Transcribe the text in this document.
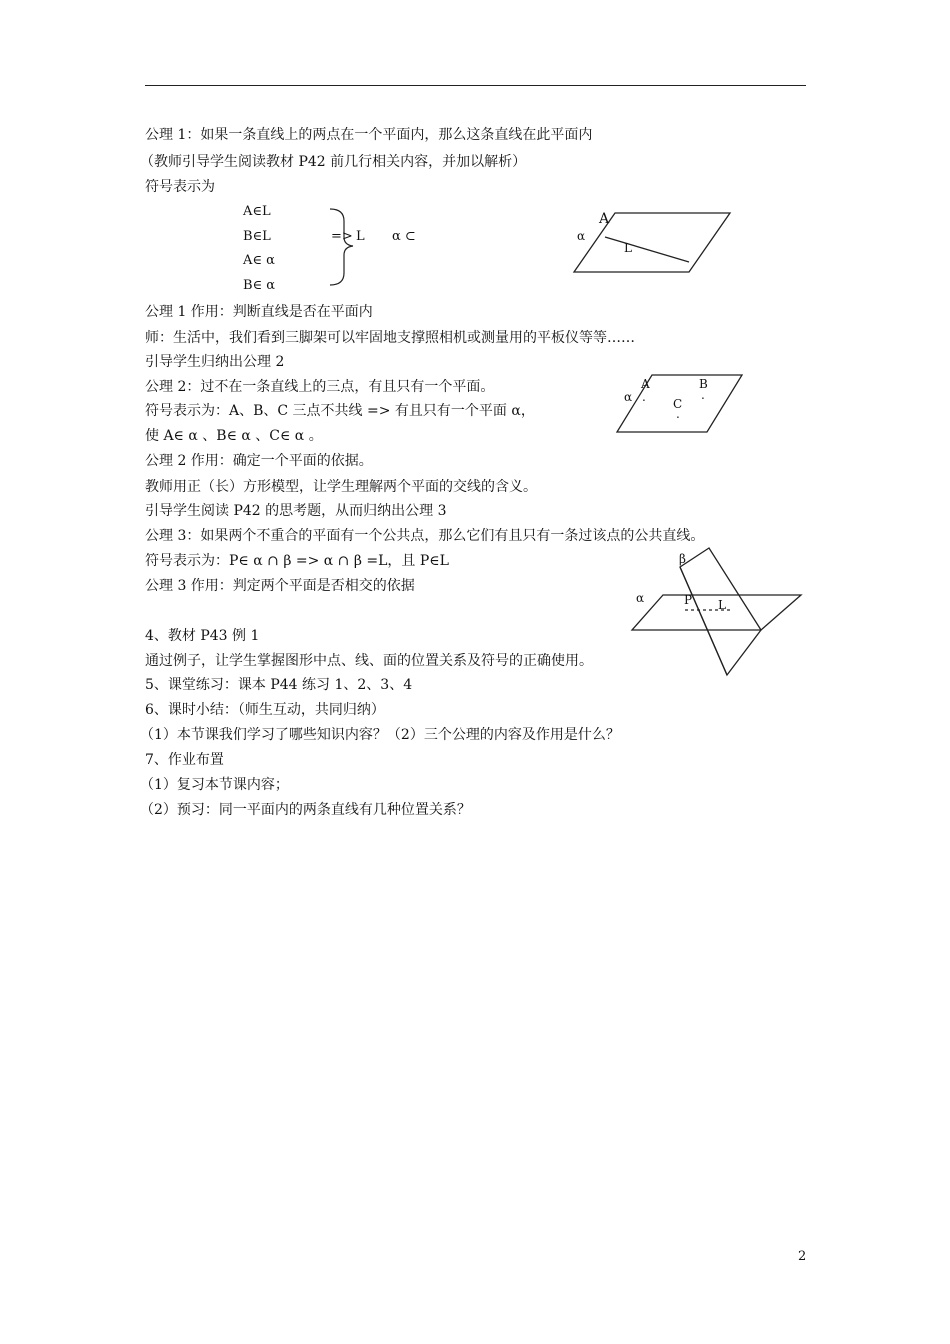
公理 1：如果一条直线上的两点在一个平面内，那么这条直线在此平面内
（教师引导学生阅读教材 P42 前几行相关内容，并加以解析）
符号表示为
A∈L
B∈L
A∈ α
B∈ α
=> L α ⊂
A
α
L
公理 1 作用：判断直线是否在平面内
师：生活中，我们看到三脚架可以牢固地支撑照相机或测量用的平板仪等等……
引导学生归纳出公理 2
公理 2：过不在一条直线上的三点，有且只有一个平面。
符号表示为：A、B、C 三点不共线 => 有且只有一个平面 α，
使 A∈ α 、B∈ α 、C∈ α 。
A	B
α	C
.	.
.
公理 2 作用：确定一个平面的依据。
教师用正（长）方形模型，让学生理解两个平面的交线的含义。
引导学生阅读 P42 的思考题，从而归纳出公理 3
公理 3：如果两个不重合的平面有一个公共点，那么它们有且只有一条过该点的公共直线。
符号表示为：P∈ α ∩ β => α ∩ β =L，且 P∈L
公理 3 作用：判定两个平面是否相交的依据
β
α	P L
4、教材 P43 例 1
通过例子，让学生掌握图形中点、线、面的位置关系及符号的正确使用。
5、课堂练习：课本 P44 练习 1、2、3、4
6、课时小结：（师生互动，共同归纳）
（1）本节课我们学习了哪些知识内容？（2）三个公理的内容及作用是什么？
7、作业布置
（1）复习本节课内容；
（2）预习：同一平面内的两条直线有几种位置关系？
2
